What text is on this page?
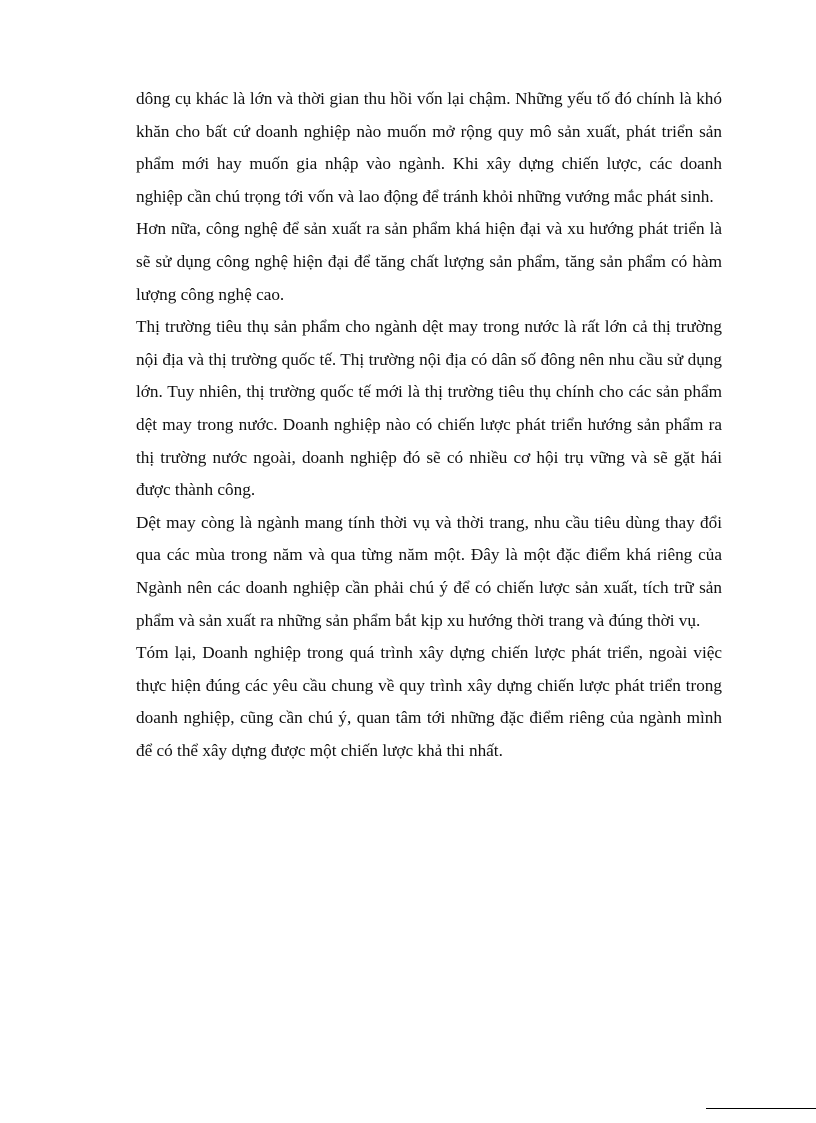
dông cụ khác là lớn và thời gian thu hồi vốn lại chậm. Những yếu tố đó chính là khó khăn cho bất cứ doanh nghiệp nào muốn mở rộng quy mô sản xuất, phát triển sản phẩm mới hay muốn gia nhập vào ngành. Khi xây dựng chiến lược, các doanh nghiệp cần chú trọng tới vốn và lao động để tránh khỏi những vướng mắc phát sinh.

Hơn nữa, công nghệ để sản xuất ra sản phẩm khá hiện đại và xu hướng phát triển là sẽ sử dụng công nghệ hiện đại để tăng chất lượng sản phẩm, tăng sản phẩm có hàm lượng công nghệ cao.

Thị trường tiêu thụ sản phẩm cho ngành dệt may trong nước là rất lớn cả thị trường nội địa và thị trường quốc tế. Thị trường nội địa có dân số đông nên nhu cầu sử dụng lớn. Tuy nhiên, thị trường quốc tế mới là thị trường tiêu thụ chính cho các sản phẩm dệt may trong nước. Doanh nghiệp nào có chiến lược phát triển hướng sản phẩm ra thị trường nước ngoài, doanh nghiệp đó sẽ có nhiều cơ hội trụ vững và sẽ gặt hái được thành công.

Dệt may còng là ngành mang tính thời vụ và thời trang, nhu cầu tiêu dùng thay đổi qua các mùa trong năm và qua từng năm một. Đây là một đặc điểm khá riêng của Ngành nên các doanh nghiệp cần phải chú ý để có chiến lược sản xuất, tích trữ sản phẩm và sản xuất ra những sản phẩm bắt kịp xu hướng thời trang và đúng thời vụ.

Tóm lại, Doanh nghiệp trong quá trình xây dựng chiến lược phát triển, ngoài việc thực hiện đúng các yêu cầu chung về quy trình xây dựng chiến lược phát triển trong doanh nghiệp, cũng cần chú ý, quan tâm tới những đặc điểm riêng của ngành mình để có thể xây dựng được một chiến lược khả thi nhất.
